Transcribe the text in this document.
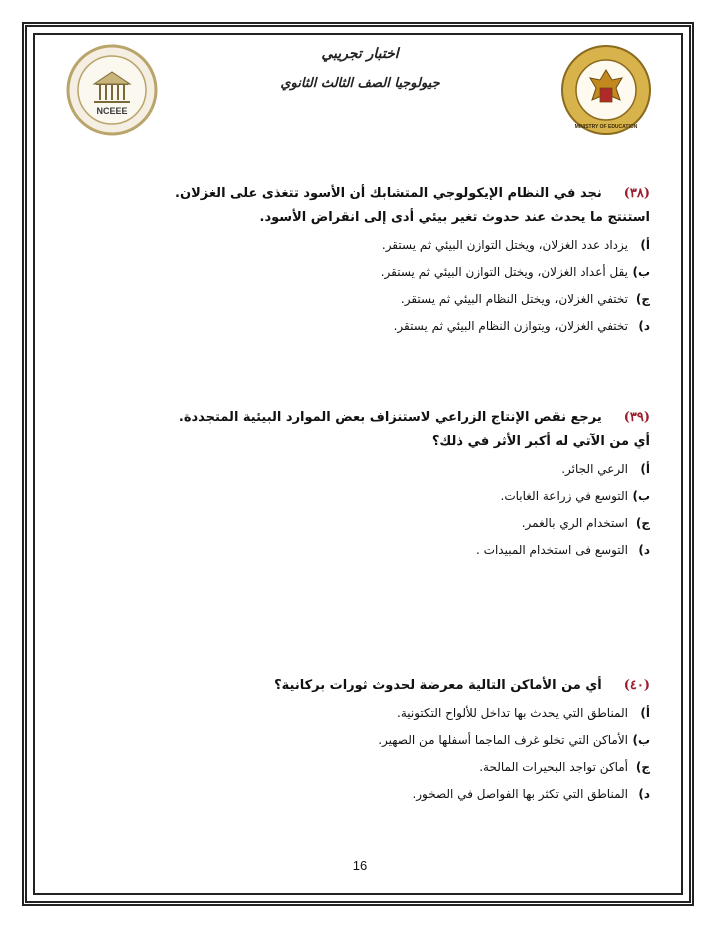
NCEEE
MINISTRY OF EDUCATION
اختبار تجريبي
جيولوجيا الصف الثالث الثانوي
(٣٨)
نجد في النظام الإيكولوجي المتشابك أن الأسود تتغذى على الغزلان.
استنتج ما يحدث عند حدوث تغير بيئي أدى إلى انقراض الأسود.
أ)
يزداد عدد الغزلان، ويختل التوازن البيئي ثم يستقر.
ب)
يقل أعداد الغزلان، ويختل التوازن البيئي ثم يستقر.
ج)
تختفي الغزلان، ويختل النظام البيئي ثم يستقر.
د)
تختفي الغزلان، ويتوازن النظام البيئي ثم يستقر.
(٣٩)
يرجع نقص الإنتاج الزراعي لاستنزاف بعض الموارد البيئية المتجددة.
أي من الآتي له أكبر الأثر في ذلك؟
أ)
الرعي الجائر.
ب)
التوسع في زراعة الغابات.
ج)
استخدام الري بالغمر.
د)
التوسع فى استخدام المبيدات .
(٤٠)
أي من الأماكن التالية معرضة لحدوث ثورات بركانية؟
أ)
المناطق التي يحدث بها تداخل للألواح التكتونية.
ب)
الأماكن التي تخلو غرف الماجما أسفلها من الصهير.
ج)
أماكن تواجد البحيرات المالحة.
د)
المناطق التي تكثر بها الفواصل في الصخور.
16
